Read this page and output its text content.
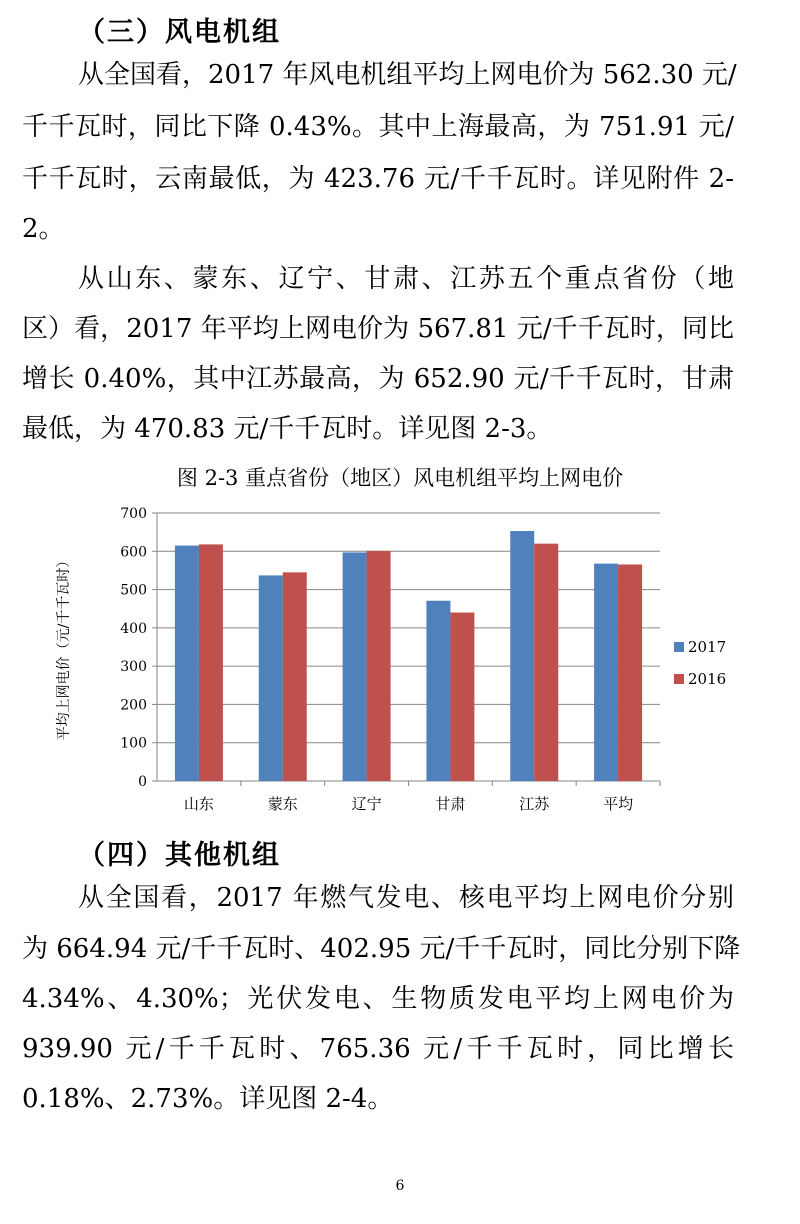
（三）风电机组
从全国看，2017 年风电机组平均上网电价为 562.30 元/
千千瓦时，同比下降 0.43%。其中上海最高，为 751.91 元/
千千瓦时，云南最低，为 423.76 元/千千瓦时。详见附件 2-
2。
从山东、蒙东、辽宁、甘肃、江苏五个重点省份（地
区）看，2017 年平均上网电价为 567.81 元/千千瓦时，同比
增长 0.40%，其中江苏最高，为 652.90 元/千千瓦时，甘肃
最低，为 470.83 元/千千瓦时。详见图 2-3。
图 2-3 重点省份（地区）风电机组平均上网电价
0
100
200
300
400
500
600
700
山东	蒙东	辽宁	甘肃	江苏	平均
平均上网电价（元/千千瓦时）	2017
2016
（四）其他机组
从全国看，2017 年燃气发电、核电平均上网电价分别
为 664.94 元/千千瓦时、402.95 元/千千瓦时，同比分别下降
4.34%、4.30%；光伏发电、生物质发电平均上网电价为
939.90 元/千千瓦时、765.36 元/千千瓦时，同比增长
0.18%、2.73%。详见图 2-4。
6
